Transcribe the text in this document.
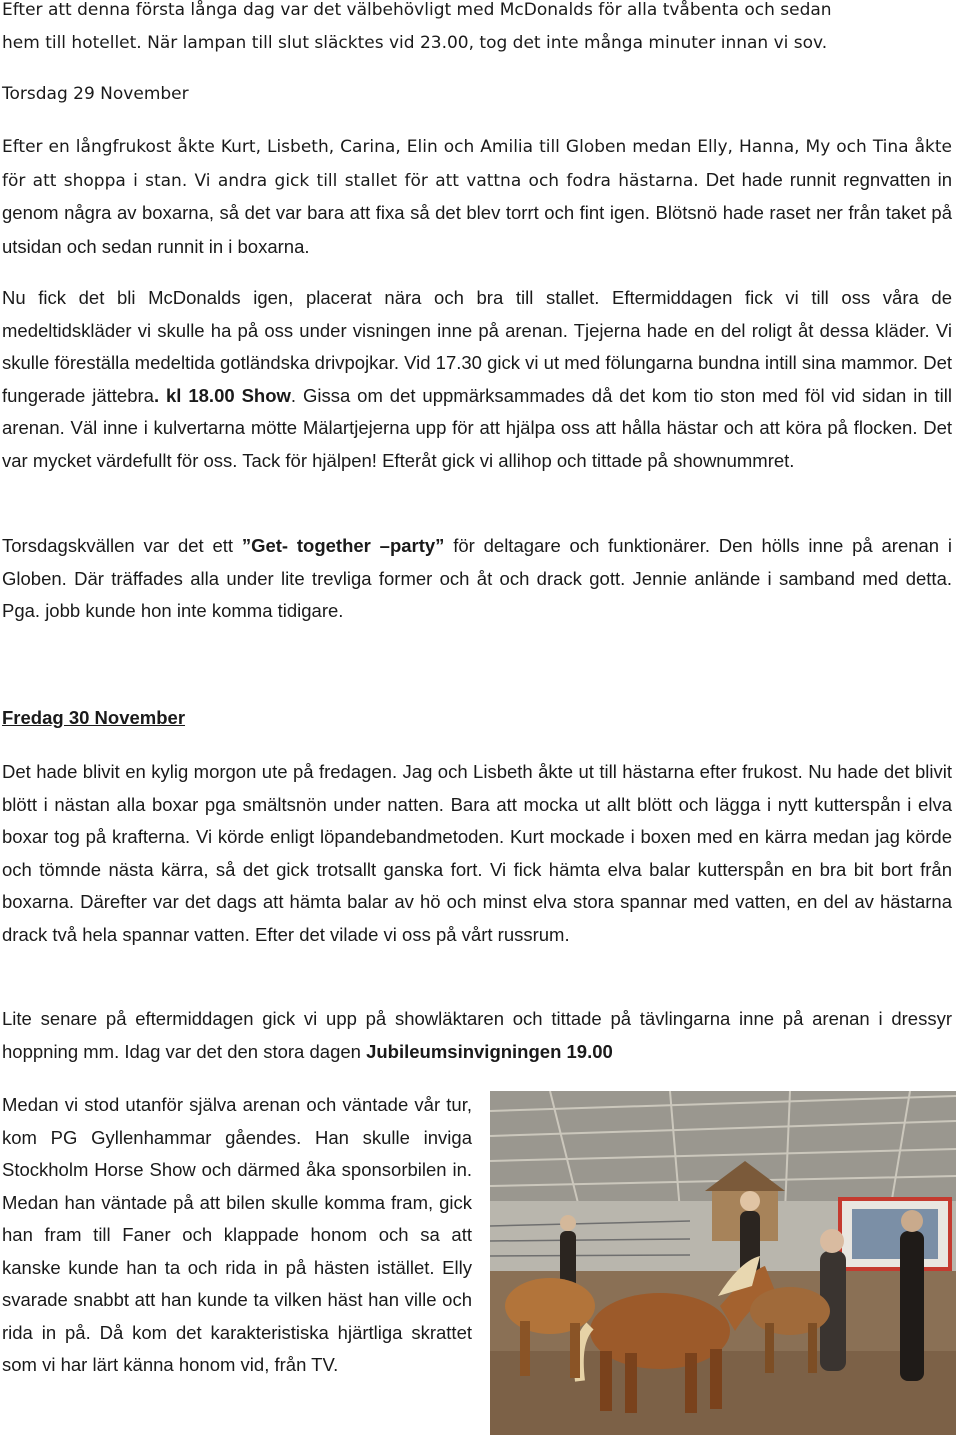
Efter att denna första långa dag var det välbehövligt med McDonalds för alla tvåbenta och sedan
hem till hotellet. När lampan till slut släcktes vid 23.00, tog det inte många minuter innan vi sov.

Torsdag 29 November

Efter en långfrukost åkte Kurt, Lisbeth, Carina, Elin och Amilia till Globen medan Elly, Hanna, My och Tina åkte för att shoppa i stan. Vi andra gick till stallet för att vattna och fodra hästarna. Det hade runnit regnvatten in genom några av boxarna, så det var bara att fixa så det blev torrt och fint igen. Blötsnö hade raset ner från taket på utsidan och sedan runnit in i boxarna.

Nu fick det bli McDonalds igen, placerat nära och bra till stallet. Eftermiddagen fick vi till oss våra de medeltidskläder vi skulle ha på oss under visningen inne på arenan. Tjejerna hade en del roligt åt dessa kläder. Vi skulle föreställa medeltida gotländska drivpojkar. Vid 17.30 gick vi ut med fölungarna bundna intill sina mammor. Det fungerade jättebra. kl 18.00 Show. Gissa om det uppmärksammades då det kom tio ston med föl vid sidan in till arenan. Väl inne i kulvertarna mötte Mälartjejerna upp för att hjälpa oss att hålla hästar och att köra på flocken. Det var mycket värdefullt för oss. Tack för hjälpen! Efteråt gick vi allihop och tittade på shownummret.

Torsdagskvällen var det ett ”Get- together –party” för deltagare och funktionärer. Den hölls inne på arenan i Globen. Där träffades alla under lite trevliga former och åt och drack gott. Jennie anlände i samband med detta. Pga. jobb kunde hon inte komma tidigare.

Fredag 30 November

Det hade blivit en kylig morgon ute på fredagen. Jag och Lisbeth åkte ut till hästarna efter frukost. Nu hade det blivit blött i nästan alla boxar pga smältsnön under natten. Bara att mocka ut allt blött och lägga i nytt kutterspån i elva boxar tog på krafterna. Vi körde enligt löpandebandmetoden. Kurt mockade i boxen med en kärra medan jag körde och tömnde nästa kärra, så det gick trotsallt ganska fort. Vi fick hämta elva balar kutterspån en bra bit bort från boxarna. Därefter var det dags att hämta balar av hö och minst elva stora spannar med vatten, en del av hästarna drack två hela spannar vatten. Efter det vilade vi oss på vårt russrum.

Lite senare på eftermiddagen gick vi upp på showläktaren och tittade på tävlingarna inne på arenan i dressyr hoppning mm. Idag var det den stora dagen Jubileumsinvigningen 19.00

Medan vi stod utanför själva arenan och väntade vår tur, kom PG Gyllenhammar gåendes. Han skulle inviga Stockholm Horse Show och därmed åka sponsorbilen in. Medan han väntade på att bilen skulle komma fram, gick han fram till Faner och klappade honom och sa att kanske kunde han ta och rida in på hästen istället. Elly svarade snabbt att han kunde ta vilken häst han ville och rida in på. Då kom det karakteristiska hjärtliga skrattet som vi har lärt känna honom vid, från TV.
